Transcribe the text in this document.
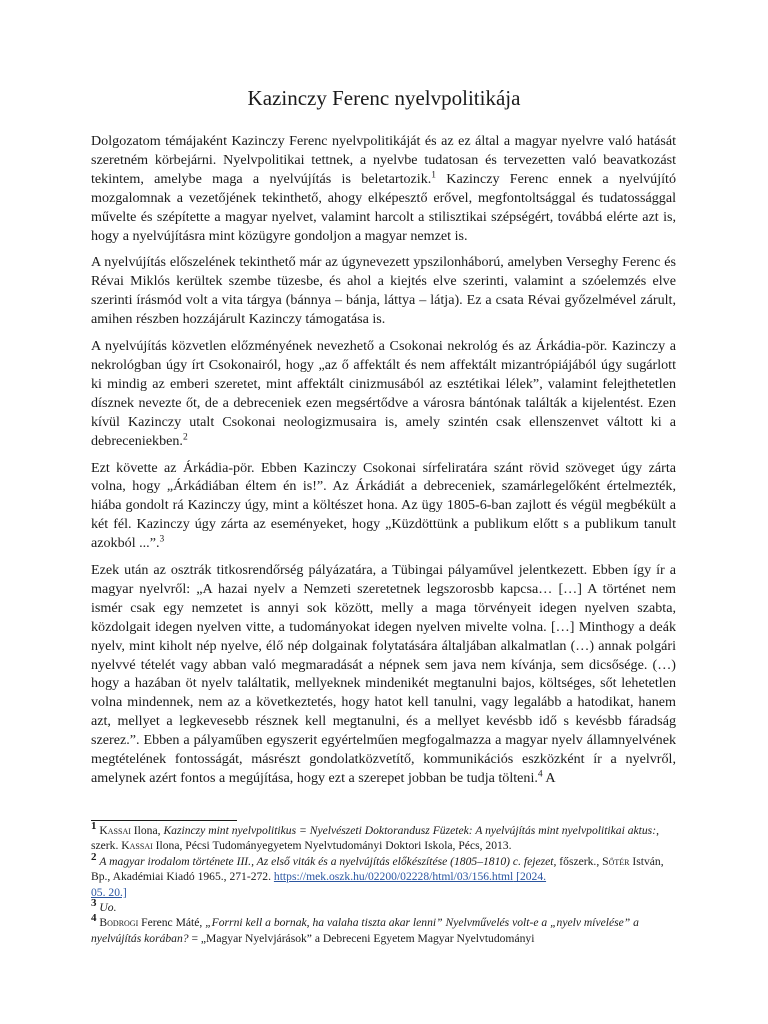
Kazinczy Ferenc nyelvpolitikája

Dolgozatom témájaként Kazinczy Ferenc nyelvpolitikáját és az ez által a magyar nyelvre való hatását szeretném körbejárni. Nyelvpolitikai tettnek, a nyelvbe tudatosan és tervezetten való beavatkozást tekintem, amelybe maga a nyelvújítás is beletartozik.$^1$ Kazinczy Ferenc ennek a nyelvújító mozgalomnak a vezetőjének tekinthető, ahogy elképesztő erővel, megfontoltsággal és tudatossággal művelte és szépítette a magyar nyelvet, valamint harcolt a stilisztikai szépségért, továbbá elérte azt is, hogy a nyelvújításra mint közügyre gondoljon a magyar nemzet is.

A nyelvújítás előszelének tekinthető már az úgynevezett ypszilonháború, amelyben Verseghy Ferenc és Révai Miklós kerültek szembe tüzesbe, és ahol a kiejtés elve szerinti, valamint a szóelemzés elve szerinti írásmód volt a vita tárgya (bánnya – bánja, láttya – látja). Ez a csata Révai győzelmével zárult, amihen részben hozzájárult Kazinczy támogatása is.

A nyelvújítás közvetlen előzményének nevezhető a Csokonai nekrológ és az Árkádia-pör. Kazinczy a nekrológban úgy írt Csokonairól, hogy „az ő affektált és nem affektált mizantrópiájából úgy sugárlott ki mindig az emberi szeretet, mint affektált cinizmusából az esztétikai lélek”, valamint felejthetetlen dísznek nevezte őt, de a debreceniek ezen megsértődve a városra bántónak találták a kijelentést. Ezen kívül Kazinczy utalt Csokonai neologizmusaira is, amely szintén csak ellenszenvet váltott ki a debreceniekben.$^2$

Ezt követte az Árkádia-pör. Ebben Kazinczy Csokonai sírfeliratára szánt rövid szöveget úgy zárta volna, hogy „Árkádiában éltem én is!”. Az Árkádiát a debreceniek, szamárlegelőként értelmezték, hiába gondolt rá Kazinczy úgy, mint a költészet hona. Az ügy 1805-6-ban zajlott és végül megbékült a két fél. Kazinczy úgy zárta az eseményeket, hogy „Küzdöttünk a publikum előtt s a publikum tanult azokból ...”.$^3$

Ezek után az osztrák titkosrendőrség pályázatára, a Tübingai pályaművel jelentkezett. Ebben így ír a magyar nyelvről: „A hazai nyelv a Nemzeti szeretetnek legszorosbb kapcsa… […] A történet nem ismér csak egy nemzetet is annyi sok között, melly a maga törvényeit idegen nyelven szabta, közdolgait idegen nyelven vitte, a tudományokat idegen nyelven mivelte volna. […] Minthogy a deák nyelv, mint kiholt nép nyelve, élő nép dolgainak folytatására általjában alkalmatlan (…) annak polgári nyelvvé tételét vagy abban való megmaradását a népnek sem java nem kívánja, sem dicsősége. (…) hogy a hazában öt nyelv találtatik, mellyeknek mindenikét megtanulni bajos, költséges, sőt lehetetlen volna mindennek, nem az a következtetés, hogy hatot kell tanulni, vagy legalább a hatodikat, hanem azt, mellyet a legkevesebb résznek kell megtanulni, és a mellyet kevésbb idő s kevésbb fáradság szerez.”. Ebben a pályaműben egyszerit egyértelműen megfogalmazza a magyar nyelv államnyelvének megtételének fontosságát, másrészt gondolatközvetítő, kommunikációs eszközként ír a nyelvről, amelynek azért fontos a megújítása, hogy ezt a szerepet jobban be tudja tölteni.$^4$ A

1 Kassai Ilona, Kazinczy mint nyelvpolitikus = Nyelvészeti Doktorandusz Füzetek: A nyelvújítás mint nyelvpolitikai aktus:, szerk. Kassai Ilona, Pécsi Tudományegyetem Nyelvtudományi Doktori Iskola, Pécs, 2013.

2 A magyar irodalom története III., Az első viták és a nyelvújítás előkészítése (1805–1810) c. fejezet, főszerk., Sőtér István, Bp., Akadémiai Kiadó 1965., 271-272. https://mek.oszk.hu/02200/02228/html/03/156.html [2024.
05. 20.]

3 Uo.

4 Bodrogi Ferenc Máté, „Forrni kell a bornak, ha valaha tiszta akar lenni” Nyelvművelés volt-e a „nyelv mívelése” a nyelvújítás korában? = „Magyar Nyelvjárások” a Debreceni Egyetem Magyar Nyelvtudományi
